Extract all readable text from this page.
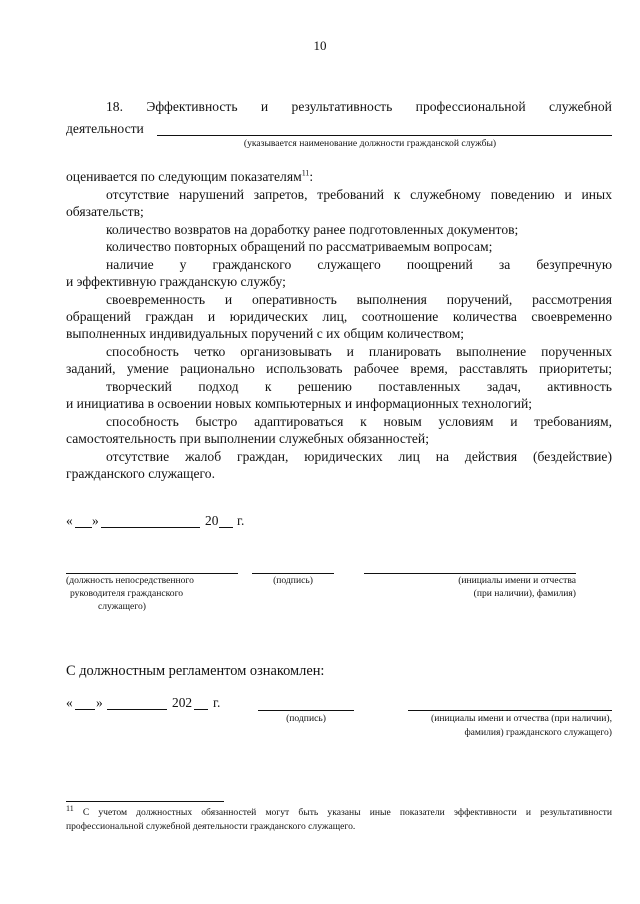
10
18. Эффективность и результативность профессиональной служебной
деятельности
(указывается наименование должности гражданской службы)
оценивается по следующим показателям$^{11}$:
отсутствие нарушений запретов, требований к служебному поведению и иных
обязательств;
количество возвратов на доработку ранее подготовленных документов;
количество повторных обращений по рассматриваемым вопросам;
наличие у гражданского служащего поощрений за безупречную
и эффективную гражданскую службу;
своевременность и оперативность выполнения поручений, рассмотрения
обращений граждан и юридических лиц, соотношение количества своевременно
выполненных индивидуальных поручений с их общим количеством;
способность четко организовывать и планировать выполнение порученных
заданий, умение рационально использовать рабочее время, расставлять приоритеты;
творческий подход к решению поставленных задач, активность
и инициатива в освоении новых компьютерных и информационных технологий;
способность быстро адаптироваться к новым условиям и требованиям,
самостоятельность при выполнении служебных обязанностей;
отсутствие жалоб граждан, юридических лиц на действия (бездействие)
гражданского служащего.
« »	20 г.
(должность непосредственного
руководителя гражданского
служащего)
(подпись)	(инициалы имени и отчества
(при наличии), фамилия)
С должностным регламентом ознакомлен:
« »	202 г.
(подпись)	(инициалы имени и отчества (при наличии),
фамилия) гражданского служащего)
$^{11}$ С учетом должностных обязанностей могут быть указаны иные показатели эффективности и результативности
профессиональной служебной деятельности гражданского служащего.
